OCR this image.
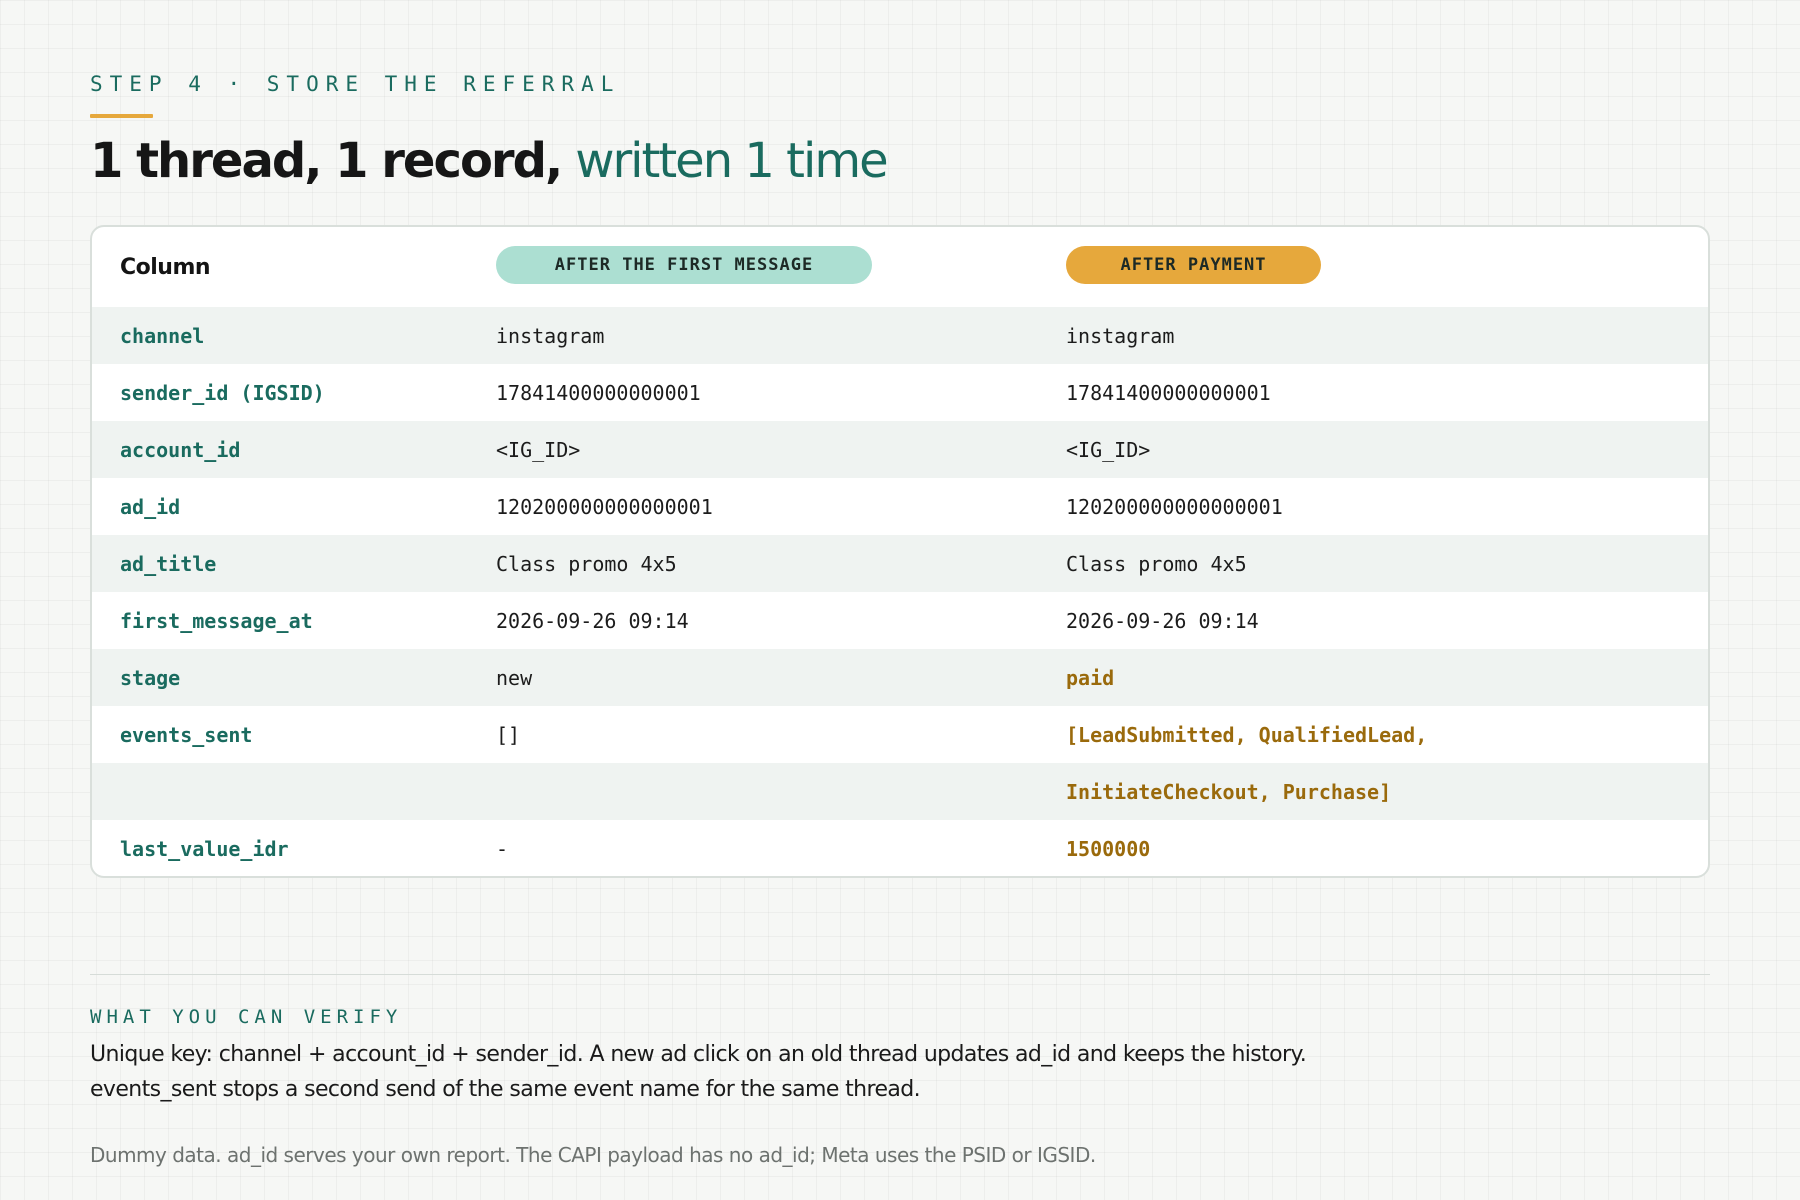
STEP 4 · STORE THE REFERRAL
1 thread, 1 record, written 1 time
Column	AFTER THE FIRST MESSAGE	AFTER PAYMENT
channel	instagram	instagram
sender_id (IGSID)	17841400000000001	17841400000000001
account_id	<IG_ID>	<IG_ID>
ad_id	120200000000000001	120200000000000001
ad_title	Class promo 4x5	Class promo 4x5
first_message_at	2026-09-26 09:14	2026-09-26 09:14
stage	new	paid
events_sent	[]	[LeadSubmitted, QualifiedLead,
InitiateCheckout, Purchase]
last_value_idr	-	1500000
WHAT YOU CAN VERIFY
Unique key: channel + account_id + sender_id. A new ad click on an old thread updates ad_id and keeps the history.
events_sent stops a second send of the same event name for the same thread.
Dummy data. ad_id serves your own report. The CAPI payload has no ad_id; Meta uses the PSID or IGSID.
